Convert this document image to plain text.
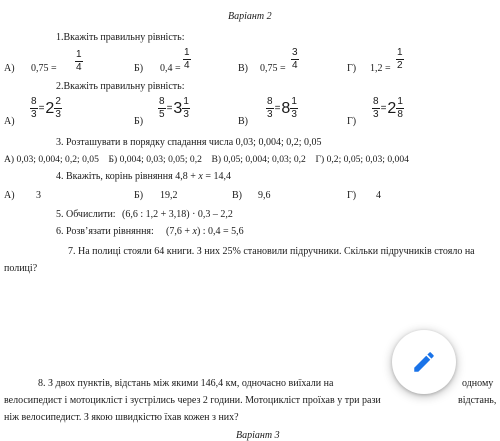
Варіант 2
1.Вкажіть правильну рівність:
А) 0,75 =
1
4	Б) 0,4 =
1
4	В) 0,75 =
3
4	Г) 1,2 =
1
2
2.Вкажіть правильну рівність:
А)
$\frac{8}{3} = 2 \frac{2}{3}$
Б)
$\frac{8}{5} = 3 \frac{1}{3}$
В)
$\frac{8}{3} = 8 \frac{1}{3}$
Г)
$\frac{8}{3} = 2 \frac{1}{8}$
3. Розташувати в порядку спадання числа 0,03; 0,004; 0,2; 0,05
А) 0,03; 0,004; 0,2; 0,05    Б) 0,004; 0,03; 0,05; 0,2    В) 0,05; 0,004; 0,03; 0,2    Г) 0,2; 0,05; 0,03; 0,004
4. Вкажіть, корінь рівняння 4,8 + x = 14,4
А) 3	Б) 19,2	В) 9,6	Г) 4
5. Обчислити: (6,6 : 1,2 + 3,18) · 0,3 – 2,2
6. Розв’язати рівняння: (7,6 + x) : 0,4 = 5,6
7. На полиці стояли 64 книги. З них 25% становили підручники. Скільки підручників стояло на
полиці?
8. З двох пунктів, відстань між якими 146,4 км, одночасно виїхали на	одному
велосипедист і мотоцикліст і зустрілись через 2 години. Мотоцикліст проїхав у три рази	відстань,
ніж велосипедист. З якою швидкістю їхав кожен з них?
Варіант 3
